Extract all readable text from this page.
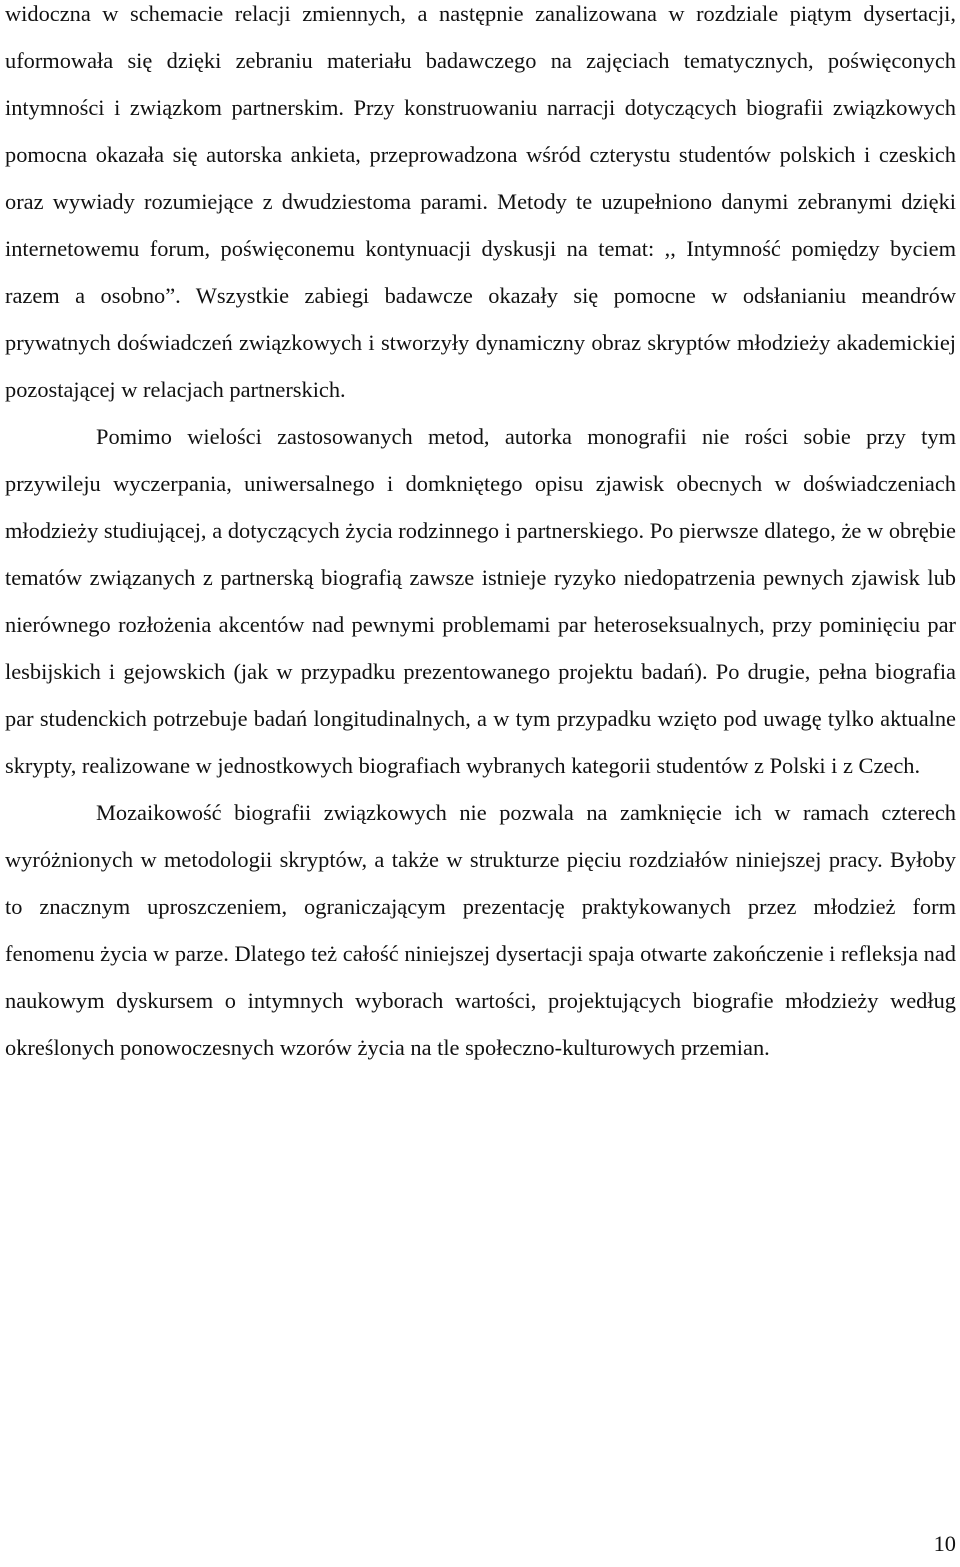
widoczna w schemacie relacji zmiennych, a następnie zanalizowana w rozdziale piątym dysertacji, uformowała się dzięki zebraniu materiału badawczego na zajęciach tematycznych, poświęconych intymności i związkom partnerskim. Przy konstruowaniu narracji dotyczących biografii związkowych pomocna okazała się autorska ankieta, przeprowadzona wśród czterystu studentów polskich i czeskich oraz wywiady rozumiejące z dwudziestoma parami. Metody te uzupełniono danymi zebranymi dzięki internetowemu forum, poświęconemu kontynuacji dyskusji na temat: ,, Intymność pomiędzy byciem razem a osobno”. Wszystkie zabiegi badawcze okazały się pomocne w odsłanianiu meandrów prywatnych doświadczeń związkowych i stworzyły dynamiczny obraz skryptów młodzieży akademickiej pozostającej w relacjach partnerskich.

Pomimo wielości zastosowanych metod, autorka monografii nie rości sobie przy tym przywileju wyczerpania, uniwersalnego i domkniętego opisu zjawisk obecnych w doświadczeniach młodzieży studiującej, a dotyczących życia rodzinnego i partnerskiego. Po pierwsze dlatego, że w obrębie tematów związanych z partnerską biografią zawsze istnieje ryzyko niedopatrzenia pewnych zjawisk lub nierównego rozłożenia akcentów nad pewnymi problemami par heteroseksualnych, przy pominięciu par lesbijskich i gejowskich (jak w przypadku prezentowanego projektu badań). Po drugie, pełna biografia par studenckich potrzebuje badań longitudinalnych, a w tym przypadku wzięto pod uwagę tylko aktualne skrypty, realizowane w jednostkowych biografiach wybranych kategorii studentów z Polski i z Czech.

Mozaikowość biografii związkowych nie pozwala na zamknięcie ich w ramach czterech wyróżnionych w metodologii skryptów, a także w strukturze pięciu rozdziałów niniejszej pracy. Byłoby to znacznym uproszczeniem, ograniczającym prezentację praktykowanych przez młodzież form fenomenu życia w parze. Dlatego też całość niniejszej dysertacji spaja otwarte zakończenie i refleksja nad naukowym dyskursem o intymnych wyborach wartości, projektujących biografie młodzieży według określonych ponowoczesnych wzorów życia na tle społeczno-kulturowych przemian.

10
